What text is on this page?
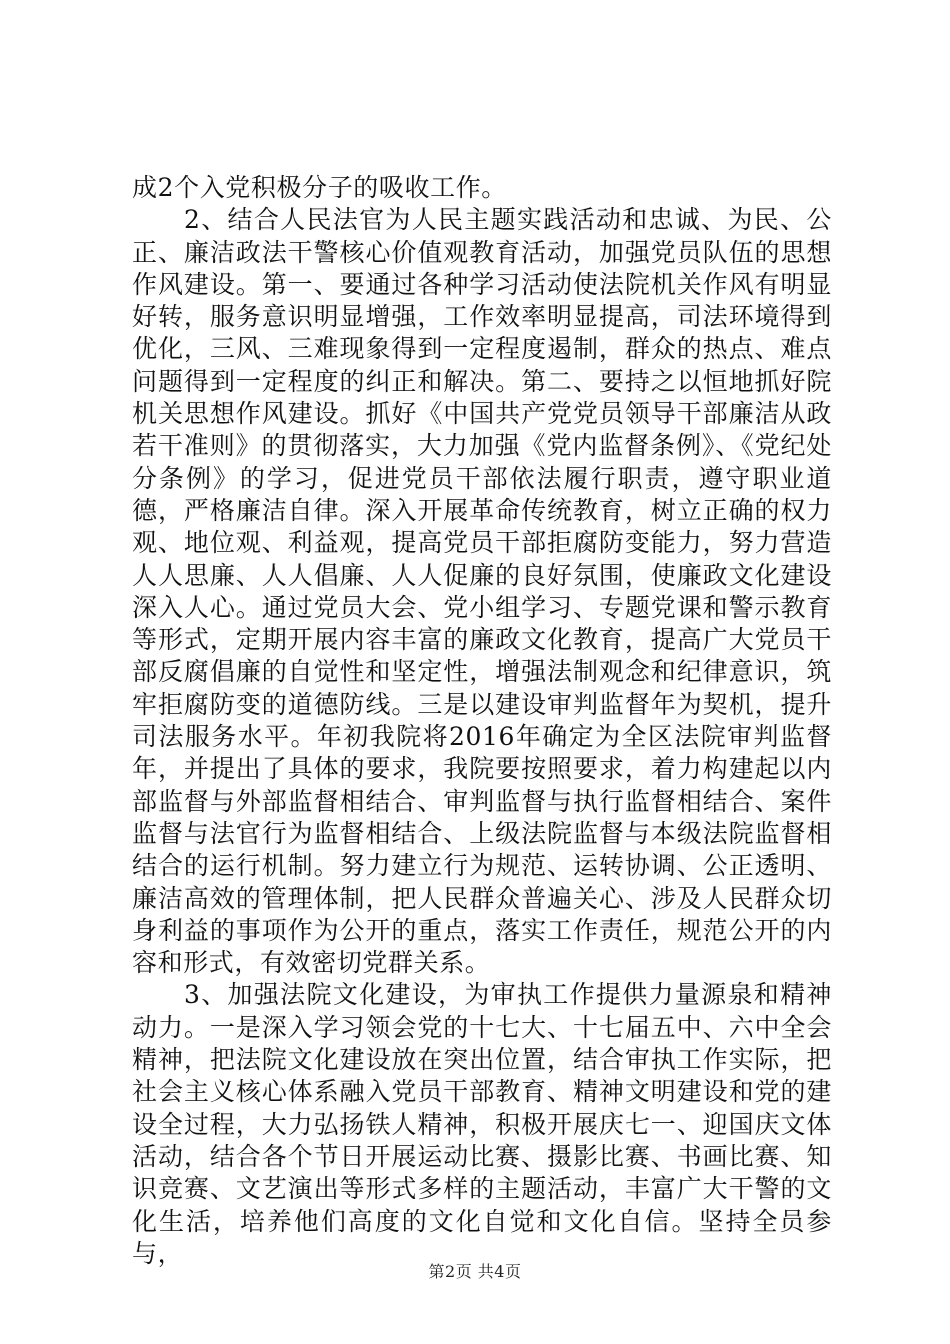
成2个入党积极分子的吸收工作。

2、结合人民法官为人民主题实践活动和忠诚、为民、公正、廉洁政法干警核心价值观教育活动，加强党员队伍的思想作风建设。第一、要通过各种学习活动使法院机关作风有明显好转，服务意识明显增强，工作效率明显提高，司法环境得到优化，三风、三难现象得到一定程度遏制，群众的热点、难点问题得到一定程度的纠正和解决。第二、要持之以恒地抓好院机关思想作风建设。抓好《中国共产党党员领导干部廉洁从政若干准则》的贯彻落实，大力加强《党内监督条例》、《党纪处分条例》的学习，促进党员干部依法履行职责，遵守职业道德，严格廉洁自律。深入开展革命传统教育，树立正确的权力观、地位观、利益观，提高党员干部拒腐防变能力，努力营造人人思廉、人人倡廉、人人促廉的良好氛围，使廉政文化建设深入人心。通过党员大会、党小组学习、专题党课和警示教育等形式，定期开展内容丰富的廉政文化教育，提高广大党员干部反腐倡廉的自觉性和坚定性，增强法制观念和纪律意识，筑牢拒腐防变的道德防线。三是以建设审判监督年为契机，提升司法服务水平。年初我院将2016年确定为全区法院审判监督年，并提出了具体的要求，我院要按照要求，着力构建起以内部监督与外部监督相结合、审判监督与执行监督相结合、案件监督与法官行为监督相结合、上级法院监督与本级法院监督相结合的运行机制。努力建立行为规范、运转协调、公正透明、廉洁高效的管理体制，把人民群众普遍关心、涉及人民群众切身利益的事项作为公开的重点，落实工作责任，规范公开的内容和形式，有效密切党群关系。

3、加强法院文化建设，为审执工作提供力量源泉和精神动力。一是深入学习领会党的十七大、十七届五中、六中全会精神，把法院文化建设放在突出位置，结合审执工作实际，把社会主义核心体系融入党员干部教育、精神文明建设和党的建设全过程，大力弘扬铁人精神，积极开展庆七一、迎国庆文体活动，结合各个节日开展运动比赛、摄影比赛、书画比赛、知识竞赛、文艺演出等形式多样的主题活动，丰富广大干警的文化生活，培养他们高度的文化自觉和文化自信。坚持全员参与，

第2页 共4页
